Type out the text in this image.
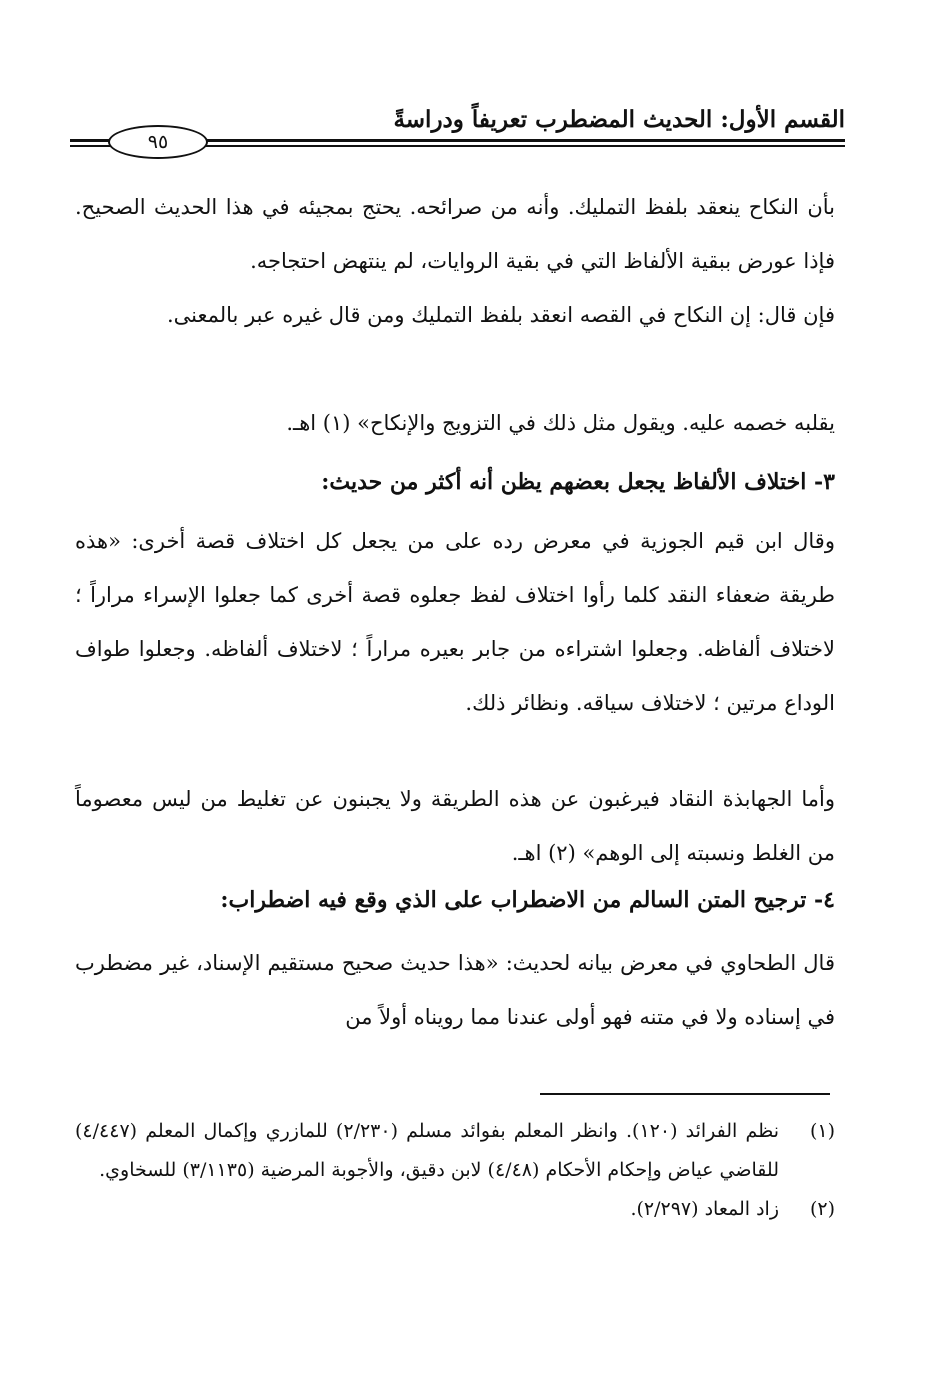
القسم الأول: الحديث المضطرب تعريفاً ودراسةً
٩٥

بأن النكاح ينعقد بلفظ التمليك. وأنه من صرائحه. يحتج بمجيئه في هذا الحديث الصحيح. فإذا عورض ببقية الألفاظ التي في بقية الروايات، لم ينتهض احتجاجه.

فإن قال: إن النكاح في القصه انعقد بلفظ التمليك ومن قال غيره عبر بالمعنى.

يقلبه خصمه عليه. ويقول مثل ذلك في التزويج والإنكاح» (١) اهـ.

٣- اختلاف الألفاظ يجعل بعضهم يظن أنه أكثر من حديث:

وقال ابن قيم الجوزية في معرض رده على من يجعل كل اختلاف قصة أخرى: «هذه طريقة ضعفاء النقد كلما رأوا اختلاف لفظ جعلوه قصة أخرى كما جعلوا الإسراء مراراً ؛ لاختلاف ألفاظه. وجعلوا اشتراءه من جابر بعيره مراراً ؛ لاختلاف ألفاظه. وجعلوا طواف الوداع مرتين ؛ لاختلاف سياقه. ونظائر ذلك.

وأما الجهابذة النقاد فيرغبون عن هذه الطريقة ولا يجبنون عن تغليط من ليس معصوماً من الغلط ونسبته إلى الوهم» (٢) اهـ.

٤- ترجيح المتن السالم من الاضطراب على الذي وقع فيه اضطراب:

قال الطحاوي في معرض بيانه لحديث: «هذا حديث صحيح مستقيم الإسناد، غير مضطرب في إسناده ولا في متنه فهو أولى عندنا مما رويناه أولاً من

(١)
نظم الفرائد (١٢٠). وانظر المعلم بفوائد مسلم (٢/٢٣٠) للمازري وإكمال المعلم (٤/٤٤٧) للقاضي عياض وإحكام الأحكام (٤/٤٨) لابن دقيق، والأجوبة المرضية (٣/١١٣٥) للسخاوي.
(٢)
زاد المعاد (٢/٢٩٧).
